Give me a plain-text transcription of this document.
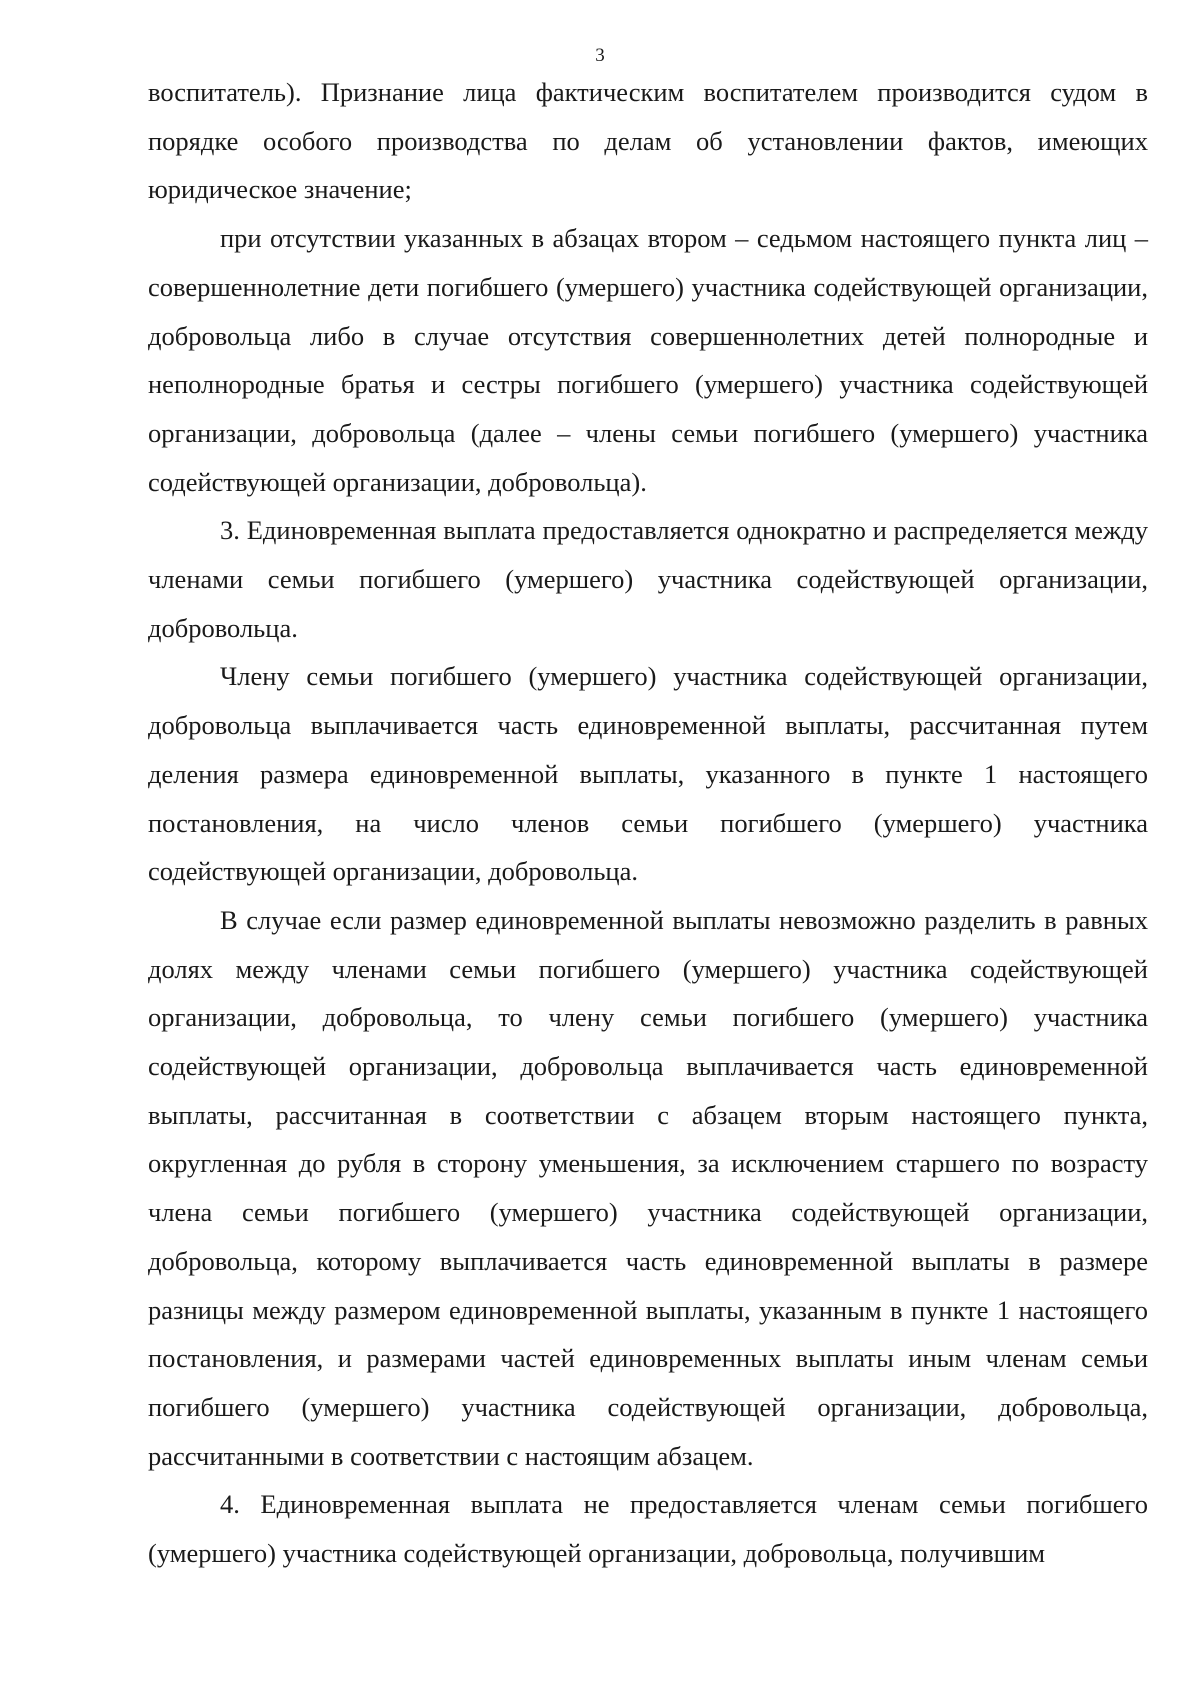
3

воспитатель). Признание лица фактическим воспитателем производится судом в порядке особого производства по делам об установлении фактов, имеющих юридическое значение;

при отсутствии указанных в абзацах втором – седьмом настоящего пункта лиц – совершеннолетние дети погибшего (умершего) участника содействующей организации, добровольца либо в случае отсутствия совершеннолетних детей полнородные и неполнородные братья и сестры погибшего (умершего) участника содействующей организации, добровольца (далее – члены семьи погибшего (умершего) участника содействующей организации, добровольца).

3. Единовременная выплата предоставляется однократно и распределяется между членами семьи погибшего (умершего) участника содействующей организации, добровольца.

Члену семьи погибшего (умершего) участника содействующей организации, добровольца выплачивается часть единовременной выплаты, рассчитанная путем деления размера единовременной выплаты, указанного в пункте 1 настоящего постановления, на число членов семьи погибшего (умершего) участника содействующей организации, добровольца.

В случае если размер единовременной выплаты невозможно разделить в равных долях между членами семьи погибшего (умершего) участника содействующей организации, добровольца, то члену семьи погибшего (умершего) участника содействующей организации, добровольца выплачивается часть единовременной выплаты, рассчитанная в соответствии с абзацем вторым настоящего пункта, округленная до рубля в сторону уменьшения, за исключением старшего по возрасту члена семьи погибшего (умершего) участника содействующей организации, добровольца, которому выплачивается часть единовременной выплаты в размере разницы между размером единовременной выплаты, указанным в пункте 1 настоящего постановления, и размерами частей единовременных выплаты иным членам семьи погибшего (умершего) участника содействующей организации, добровольца, рассчитанными в соответствии с настоящим абзацем.

4. Единовременная выплата не предоставляется членам семьи погибшего (умершего) участника содействующей организации, добровольца, получившим
